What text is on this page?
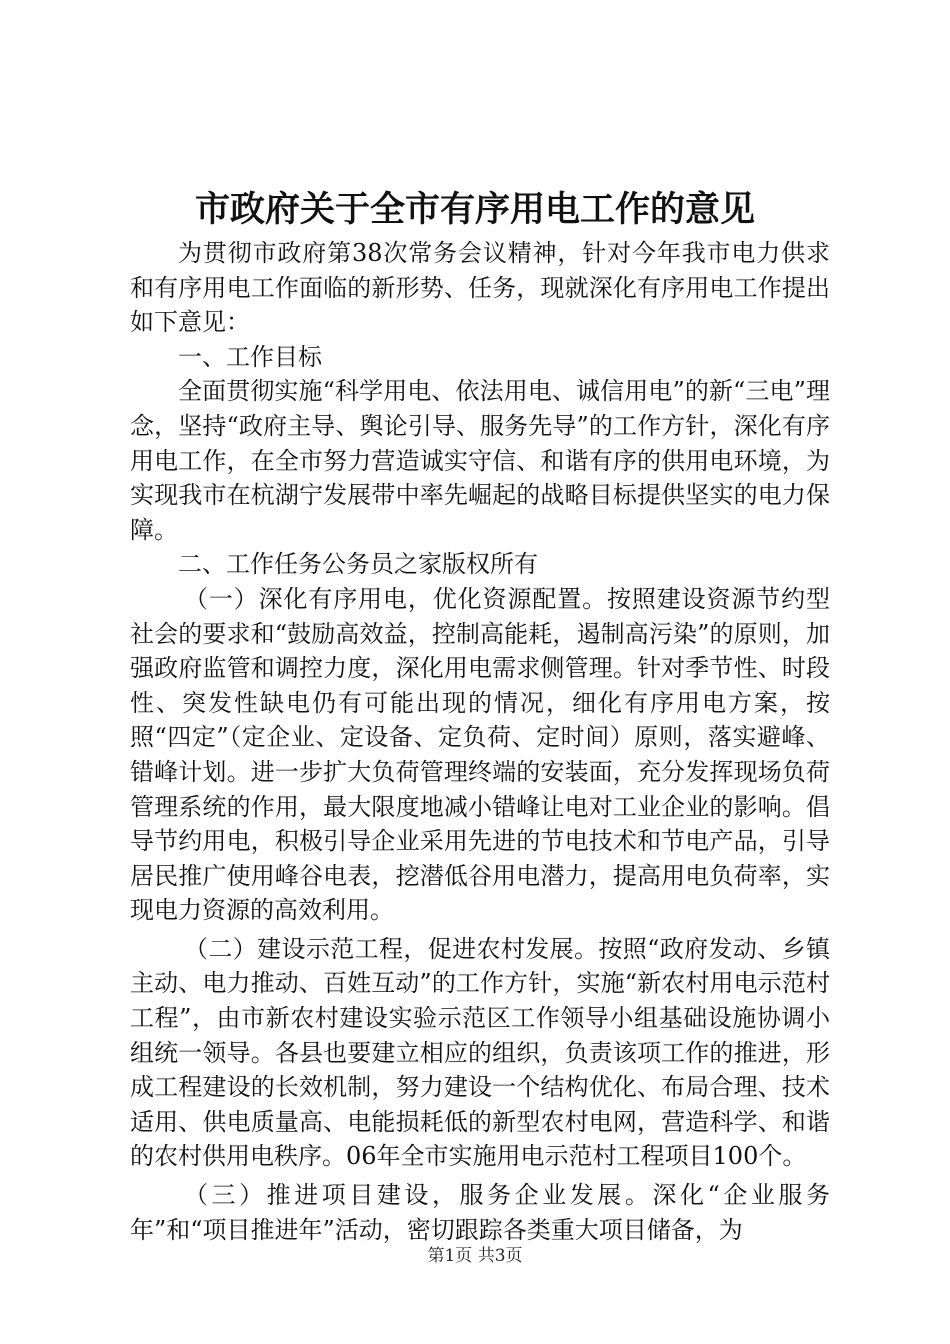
市政府关于全市有序用电工作的意见

为贯彻市政府第38次常务会议精神，针对今年我市电力供求和有序用电工作面临的新形势、任务，现就深化有序用电工作提出如下意见：

一、工作目标

全面贯彻实施“科学用电、依法用电、诚信用电”的新“三电”理念，坚持“政府主导、舆论引导、服务先导”的工作方针，深化有序用电工作，在全市努力营造诚实守信、和谐有序的供用电环境，为实现我市在杭湖宁发展带中率先崛起的战略目标提供坚实的电力保障。

二、工作任务公务员之家版权所有

（一）深化有序用电，优化资源配置。按照建设资源节约型社会的要求和“鼓励高效益，控制高能耗，遏制高污染”的原则，加强政府监管和调控力度，深化用电需求侧管理。针对季节性、时段性、突发性缺电仍有可能出现的情况，细化有序用电方案，按照“四定”（定企业、定设备、定负荷、定时间）原则，落实避峰、错峰计划。进一步扩大负荷管理终端的安装面，充分发挥现场负荷管理系统的作用，最大限度地减小错峰让电对工业企业的影响。倡导节约用电，积极引导企业采用先进的节电技术和节电产品，引导居民推广使用峰谷电表，挖潜低谷用电潜力，提高用电负荷率，实现电力资源的高效利用。

（二）建设示范工程，促进农村发展。按照“政府发动、乡镇主动、电力推动、百姓互动”的工作方针，实施“新农村用电示范村工程”，由市新农村建设实验示范区工作领导小组基础设施协调小组统一领导。各县也要建立相应的组织，负责该项工作的推进，形成工程建设的长效机制，努力建设一个结构优化、布局合理、技术适用、供电质量高、电能损耗低的新型农村电网，营造科学、和谐的农村供用电秩序。06年全市实施用电示范村工程项目100个。

（三）推进项目建设，服务企业发展。深化“企业服务年”和“项目推进年”活动，密切跟踪各类重大项目储备，为

第1页 共3页
